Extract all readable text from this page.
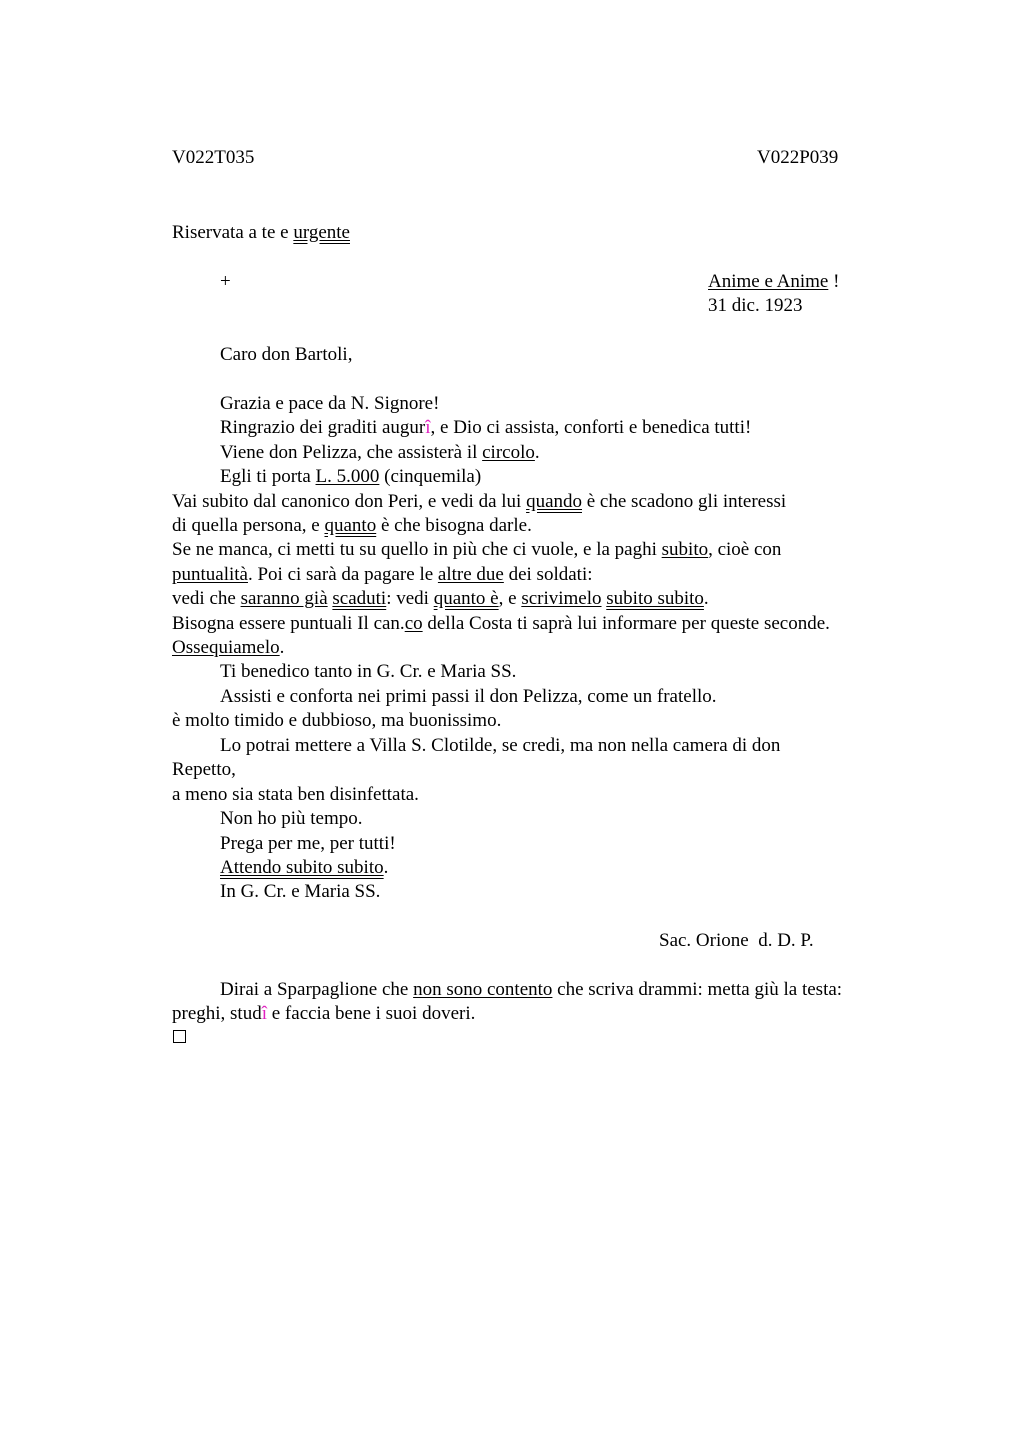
V022T035	V022P039
Riservata a te e urgente
+	Anime e Anime !
31 dic. 1923
Caro don Bartoli,
Grazia e pace da N. Signore!
Ringrazio dei graditi augurî, e Dio ci assista, conforti e benedica tutti!
Viene don Pelizza, che assisterà il circolo.
Egli ti porta L. 5.000 (cinquemila)
Vai subito dal canonico don Peri, e vedi da lui quando è che scadono gli interessi
di quella persona, e quanto è che bisogna darle.
Se ne manca, ci metti tu su quello in più che ci vuole, e la paghi subito, cioè con
puntualità. Poi ci sarà da pagare le altre due dei soldati:
vedi che saranno già scaduti: vedi quanto è, e scrivimelo subito subito.
Bisogna essere puntuali Il can.co della Costa ti saprà lui informare per queste seconde.
Ossequiamelo.
Ti benedico tanto in G. Cr. e Maria SS.
Assisti e conforta nei primi passi il don Pelizza, come un fratello.
è molto timido e dubbioso, ma buonissimo.
Lo potrai mettere a Villa S. Clotilde, se credi, ma non nella camera di don
Repetto,
a meno sia stata ben disinfettata.
Non ho più tempo.
Prega per me, per tutti!
Attendo subito subito.
In G. Cr. e Maria SS.
Sac. Orione  d. D. P.
Dirai a Sparpaglione che non sono contento che scriva drammi: metta giù la testa:
preghi, studî e faccia bene i suoi doveri.
